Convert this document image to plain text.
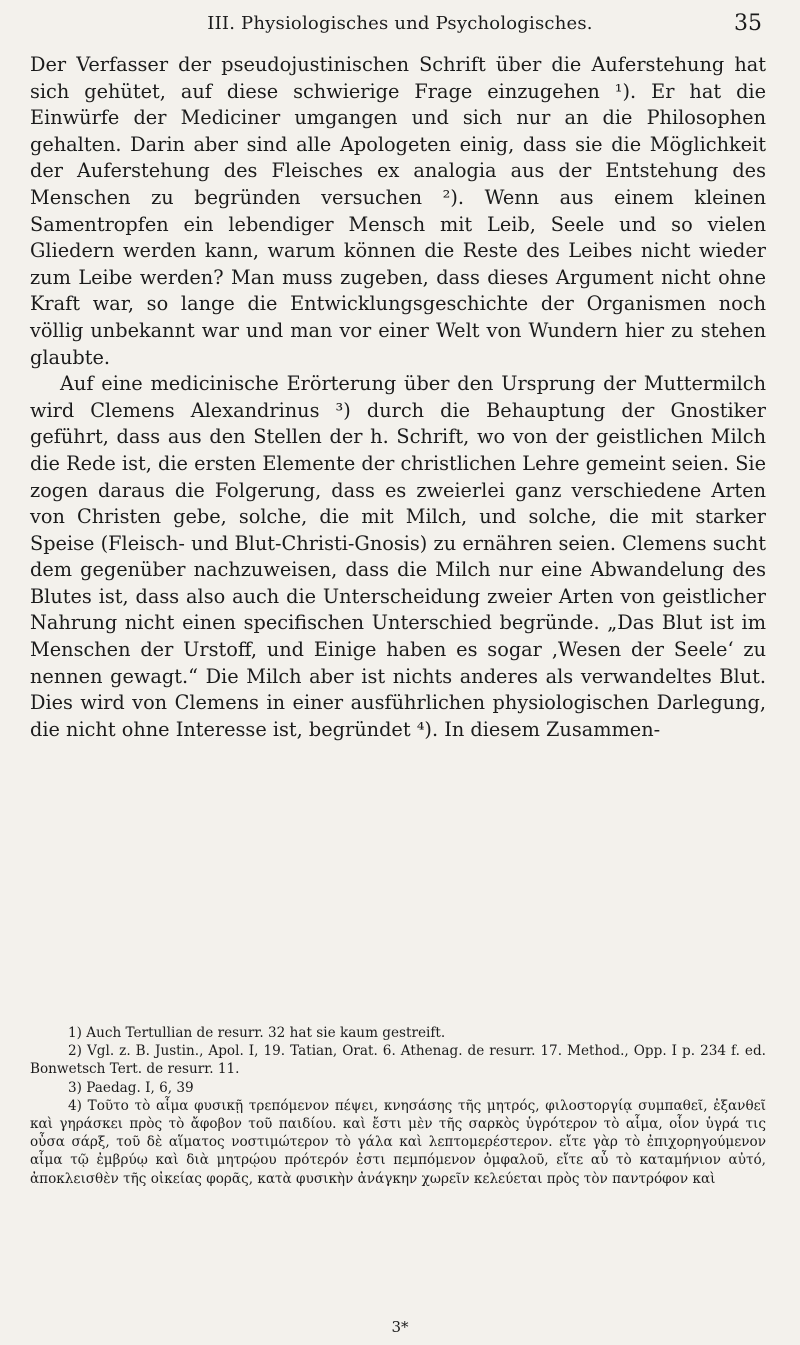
III. Physiologisches und Psychologisches.	35

Der Verfasser der pseudojustinischen Schrift über die Auferstehung hat sich gehütet, auf diese schwierige Frage einzugehen ¹). Er hat die Einwürfe der Mediciner umgangen und sich nur an die Philosophen gehalten. Darin aber sind alle Apologeten einig, dass sie die Möglichkeit der Auferstehung des Fleisches ex analogia aus der Entstehung des Menschen zu begründen versuchen ²). Wenn aus einem kleinen Samentropfen ein lebendiger Mensch mit Leib, Seele und so vielen Gliedern werden kann, warum können die Reste des Leibes nicht wieder zum Leibe werden? Man muss zugeben, dass dieses Argument nicht ohne Kraft war, so lange die Entwicklungsgeschichte der Organismen noch völlig unbekannt war und man vor einer Welt von Wundern hier zu stehen glaubte.

Auf eine medicinische Erörterung über den Ursprung der Muttermilch wird Clemens Alexandrinus ³) durch die Behauptung der Gnostiker geführt, dass aus den Stellen der h. Schrift, wo von der geistlichen Milch die Rede ist, die ersten Elemente der christlichen Lehre gemeint seien. Sie zogen daraus die Folgerung, dass es zweierlei ganz verschiedene Arten von Christen gebe, solche, die mit Milch, und solche, die mit starker Speise (Fleisch- und Blut-Christi-Gnosis) zu ernähren seien. Clemens sucht dem gegenüber nachzuweisen, dass die Milch nur eine Abwandelung des Blutes ist, dass also auch die Unterscheidung zweier Arten von geistlicher Nahrung nicht einen specifischen Unterschied begründe. „Das Blut ist im Menschen der Urstoff, und Einige haben es sogar ‚Wesen der Seele‘ zu nennen gewagt.“ Die Milch aber ist nichts anderes als verwandeltes Blut. Dies wird von Clemens in einer ausführlichen physiologischen Darlegung, die nicht ohne Interesse ist, begründet ⁴). In diesem Zusammen-

1) Auch Tertullian de resurr. 32 hat sie kaum gestreift.
2) Vgl. z. B. Justin., Apol. I, 19. Tatian, Orat. 6. Athenag. de resurr. 17. Method., Opp. I p. 234 f. ed. Bonwetsch Tert. de resurr. 11.
3) Paedag. I, 6, 39
4) Τοῦτο τὸ αἷμα φυσικῇ τρεπόμενον πέψει, κνησάσης τῆς μητρός, φιλοστοργίᾳ συμπαθεῖ, ἐξανθεῖ καὶ γηράσκει πρὸς τὸ ἄφοβον τοῦ παιδίου. καὶ ἔστι μὲν τῆς σαρκὸς ὑγρότερον τὸ αἷμα, οἷον ὑγρά τις οὖσα σάρξ, τοῦ δὲ αἵματος νοστιμώτερον τὸ γάλα καὶ λεπτομερέστερον. εἴτε γὰρ τὸ ἐπιχορηγούμενον αἷμα τῷ ἐμβρύῳ καὶ διὰ μητρῴου πρότερόν ἐστι πεμπόμενον ὀμφαλοῦ, εἴτε αὖ τὸ καταμήνιον αὐτό, ἀποκλεισθὲν τῆς οἰκείας φορᾶς, κατὰ φυσικὴν ἀνάγκην χωρεῖν κελεύεται πρὸς τὸν παντρόφον καὶ
3*
